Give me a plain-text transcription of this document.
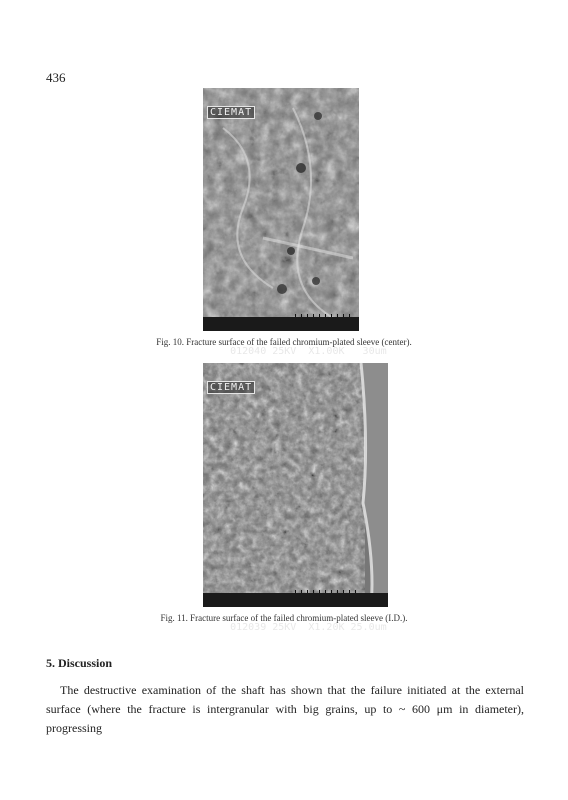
436
CIEMAT

012040 25KV  X1.00K   30um

Fig. 10. Fracture surface of the failed chromium-plated sleeve (center).
CIEMAT

012039 25KV  X1.20K 25.0um

Fig. 11. Fracture surface of the failed chromium-plated sleeve (I.D.).
5. Discussion

The destructive examination of the shaft has shown that the failure initiated at the external surface (where the fracture is intergranular with big grains, up to ~ 600 μm in diameter), progressing
